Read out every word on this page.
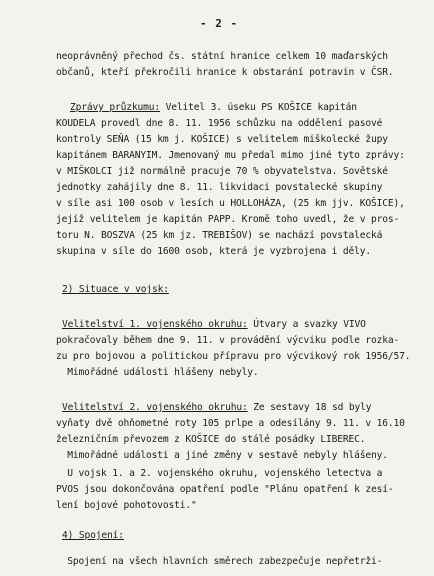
- 2 -
neoprávněný přechod čs. státní hranice celkem 10 maďarských
občanů, kteří překročili hranice k obstarání potravin v ČSR.
Zprávy průzkumu: Velitel 3. úseku PS KOŠICE kapitán
KOUDELA provedl dne 8. 11. 1956 schůzku na oddělení pasové
kontroly SEŇA (15 km j. KOŠICE) s velitelem miškolecké župy
kapitánem BARANYIM. Jmenovaný mu předal mimo jiné tyto zprávy:
v MIŠKOLCI již normálně pracuje 70 % obyvatelstva. Sovětské
jednotky zahájily dne 8. 11. likvidaci povstalecké skupiny
v síle asi 100 osob v lesích u HOLLOHÁZA, (25 km jjv. KOŠICE),
jejíž velitelem je kapitán PAPP. Kromě toho uvedl, že v pros-
toru N. BOSZVA (25 km jz. TREBIŠOV) se nachází povstalecká
skupina v síle do 1600 osob, která je vyzbrojena i děly.
2) Situace v vojsk:
Velitelství 1. vojenského okruhu: Útvary a svazky VIVO
pokračovaly během dne 9. 11. v provádění výcviku podle rozka-
zu pro bojovou a politickou přípravu pro výcvikový rok 1956/57.
Mimořádné události hlášeny nebyly.
Velitelství 2. vojenského okruhu: Ze sestavy 18 sd byly
vyňaty dvě ohňometné roty 105 prlpe a odesílány 9. 11. v 16.10
železničním převozem z KOŠICE do stálé posádky LIBEREC.
Mimořádné události a jiné změny v sestavě nebyly hlášeny.
U vojsk 1. a 2. vojenského okruhu, vojenského letectva a
PVOS jsou dokončována opatření podle "Plánu opatření k zesí-
lení bojové pohotovosti."
4) Spojení:
Spojení na všech hlavních směrech zabezpečuje nepřetrži-
